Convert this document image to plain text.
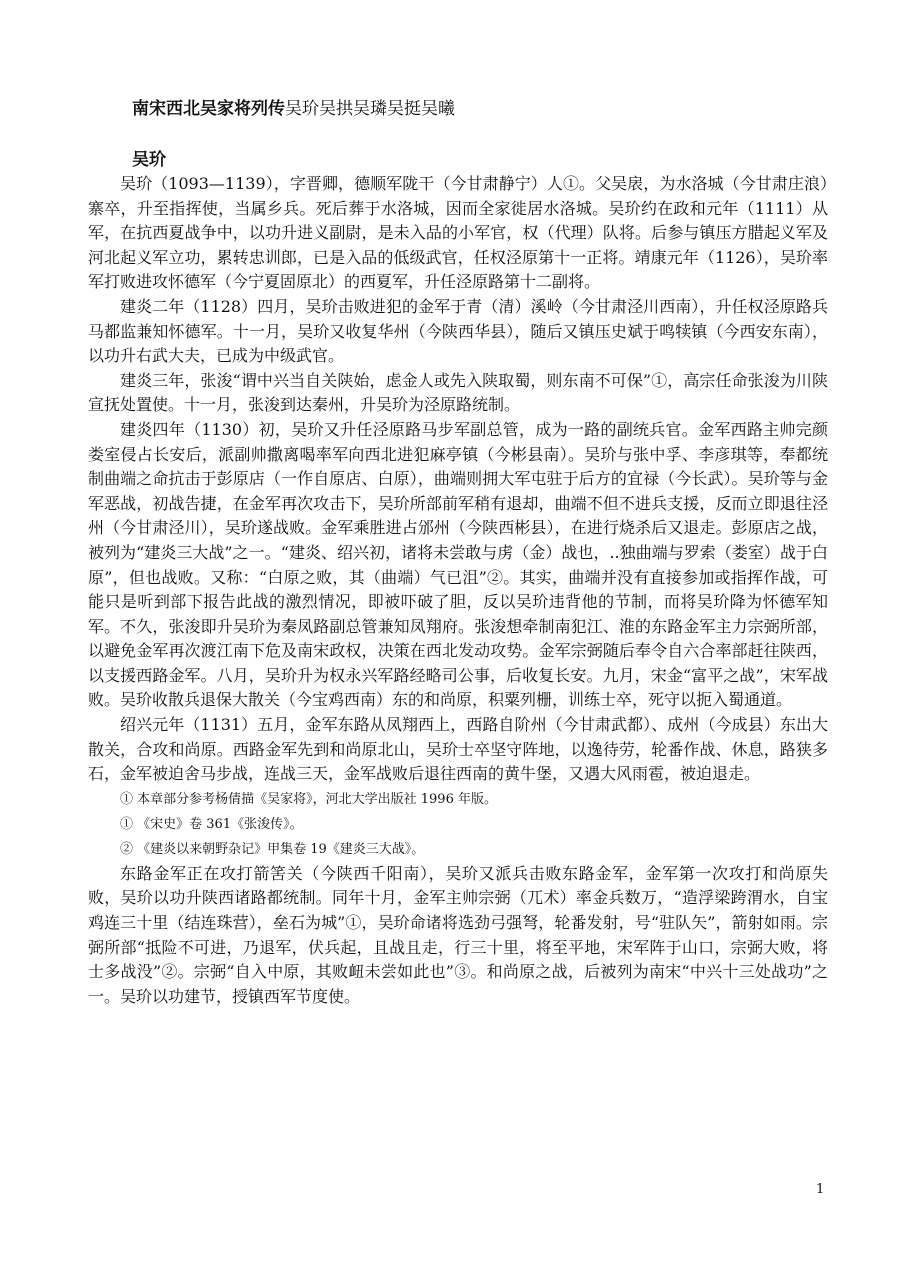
南宋西北吴家将列传吴玠吴拱吴璘吴挺吴曦
吴玠

吴玠（1093—1139），字晋卿，德顺军陇干（今甘肃静宁）人①。父吴扆，为水洛城（今甘肃庄浪）寨卒，升至指挥使，当属乡兵。死后葬于水洛城，因而全家徙居水洛城。吴玠约在政和元年（1111）从军，在抗西夏战争中，以功升进义副尉，是未入品的小军官，权（代理）队将。后参与镇压方腊起义军及河北起义军立功，累转忠训郎，已是入品的低级武官，任权泾原第十一正将。靖康元年（1126），吴玠率军打败进攻怀德军（今宁夏固原北）的西夏军，升任泾原路第十二副将。

建炎二年（1128）四月，吴玠击败进犯的金军于青（清）溪岭（今甘肃泾川西南），升任权泾原路兵马都监兼知怀德军。十一月，吴玠又收复华州（今陕西华县），随后又镇压史斌于鸣犊镇（今西安东南），以功升右武大夫，已成为中级武官。

建炎三年，张浚“谓中兴当自关陕始，虑金人或先入陕取蜀，则东南不可保”①，高宗任命张浚为川陕宣抚处置使。十一月，张浚到达秦州，升吴玠为泾原路统制。

建炎四年（1130）初，吴玠又升任泾原路马步军副总管，成为一路的副统兵官。金军西路主帅完颜娄室侵占长安后，派副帅撒离喝率军向西北进犯麻亭镇（今彬县南）。吴玠与张中孚、李彦琪等，奉都统制曲端之命抗击于彭原店（一作自原店、白原），曲端则拥大军屯驻于后方的宜禄（今长武）。吴玠等与金军恶战，初战告捷，在金军再次攻击下，吴玠所部前军稍有退却，曲端不但不进兵支援，反而立即退往泾州（今甘肃泾川），吴玠遂战败。金军乘胜进占邠州（今陕西彬县），在进行烧杀后又退走。彭原店之战，被列为“建炎三大战”之一。“建炎、绍兴初，诸将未尝敢与虏（金）战也，..独曲端与罗索（娄室）战于白原”，但也战败。又称：“白原之败，其（曲端）气已沮”②。其实，曲端并没有直接参加或指挥作战，可能只是听到部下报告此战的激烈情况，即被吓破了胆，反以吴玠违背他的节制，而将吴玠降为怀德军知军。不久，张浚即升吴玠为秦凤路副总管兼知凤翔府。张浚想牵制南犯江、淮的东路金军主力宗弼所部，以避免金军再次渡江南下危及南宋政权，决策在西北发动攻势。金军宗弼随后奉令自六合率部赶往陕西，以支援西路金军。八月，吴玠升为权永兴军路经略司公事，后收复长安。九月，宋金“富平之战”，宋军战败。吴玠收散兵退保大散关（今宝鸡西南）东的和尚原，积粟列栅，训练士卒，死守以扼入蜀通道。

绍兴元年（1131）五月，金军东路从凤翔西上，西路自阶州（今甘肃武都）、成州（今成县）东出大散关，合攻和尚原。西路金军先到和尚原北山，吴玠士卒坚守阵地，以逸待劳，轮番作战、休息，路狭多石，金军被迫舍马步战，连战三天，金军战败后退往西南的黄牛堡，又遇大风雨雹，被迫退走。

① 本章部分参考杨倩描《吴家将》，河北大学出版社 1996 年版。

① 《宋史》卷 361《张浚传》。

② 《建炎以来朝野杂记》甲集卷 19《建炎三大战》。

东路金军正在攻打箭筈关（今陕西千阳南），吴玠又派兵击败东路金军，金军第一次攻打和尚原失败，吴玠以功升陕西诸路都统制。同年十月，金军主帅宗弼（兀术）率金兵数万，“造浮梁跨渭水，自宝鸡连三十里（结连珠营），垒石为城”①，吴玠命诸将选劲弓强弩，轮番发射，号“驻队矢”，箭射如雨。宗弼所部“抵险不可进，乃退军，伏兵起，且战且走，行三十里，将至平地，宋军阵于山口，宗弼大败，将士多战没”②。宗弼“自入中原，其败衄未尝如此也”③。和尚原之战，后被列为南宋“中兴十三处战功”之一。吴玠以功建节，授镇西军节度使。

1
